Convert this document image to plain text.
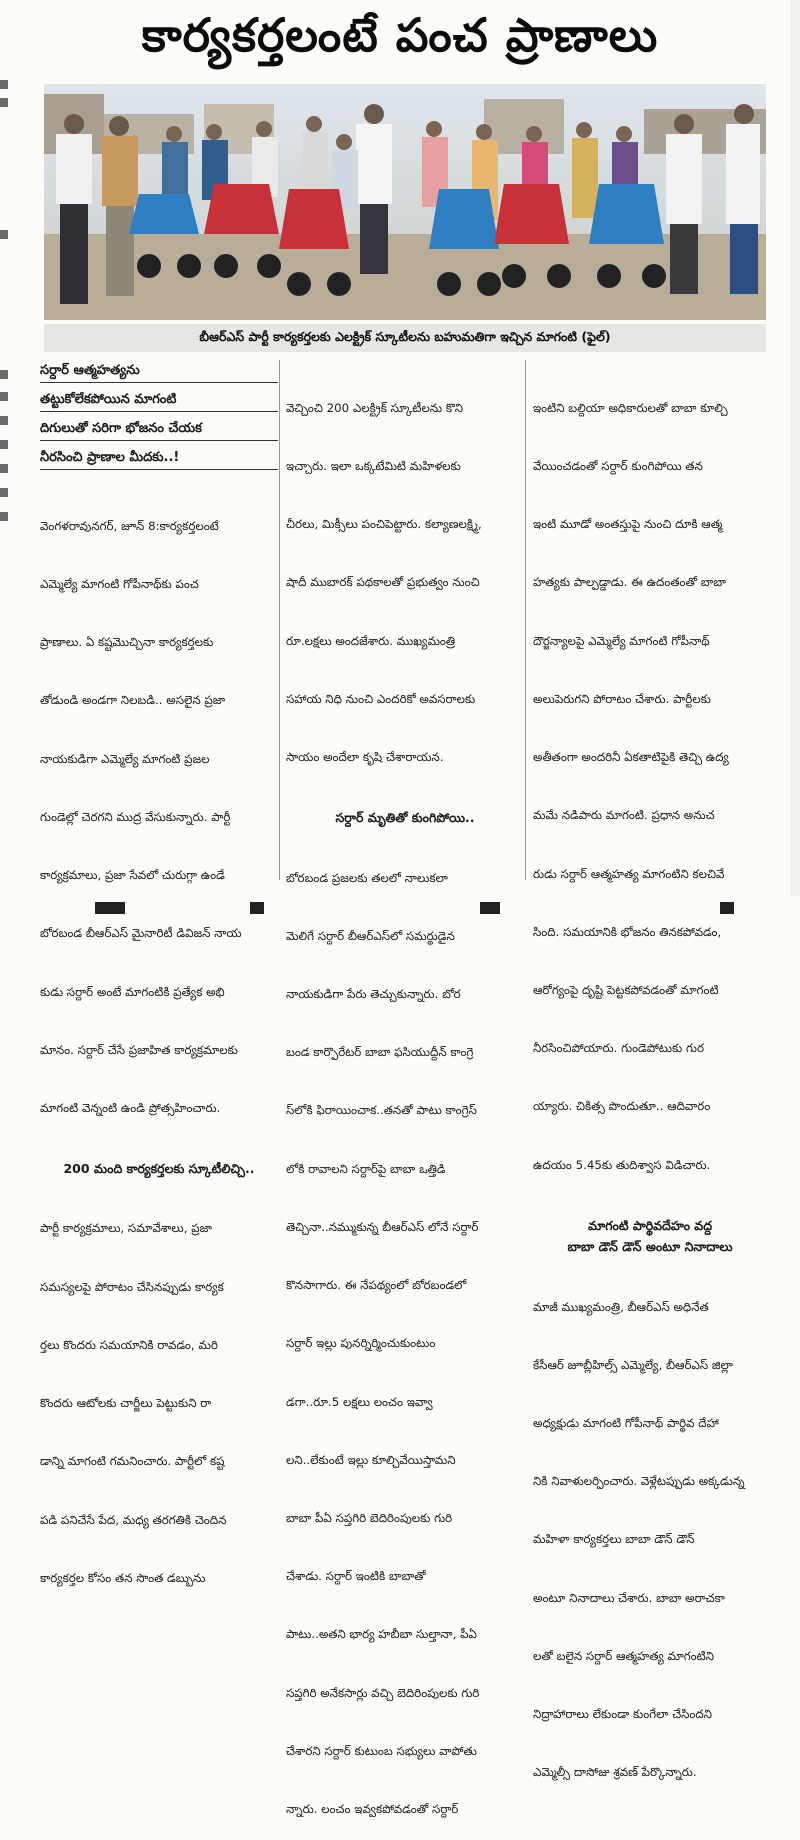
కార్యకర్తలంటే పంచ ప్రాణాలు
బీఆర్ఎస్ పార్టీ కార్యకర్తలకు ఎలక్ట్రిక్ స్కూటీలను బహుమతిగా ఇచ్చిన మాగంటి (ఫైల్)
సర్దార్ ఆత్మహత్యను
తట్టుకోలేకపోయిన మాగంటి
దిగులుతో సరిగా భోజనం చేయక
నీరసించి ప్రాణాల మీదకు..!

వెంగళరావునగర్, జూన్ 8:కార్యకర్తలంటే

ఎమ్మెల్యే మాగంటి గోపీనాథ్‌కు పంచ

ప్రాణాలు. ఏ కష్టమొచ్చినా కార్యకర్తలకు

తోడుండి అండగా నిలబడి.. అసలైన ప్రజా

నాయకుడిగా ఎమ్మెల్యే మాగంటి ప్రజల

గుండెల్లో చెరగని ముద్ర వేసుకున్నారు. పార్టీ

కార్యక్రమాలు, ప్రజా సేవలో చురుగ్గా ఉండే

బోరబండ బీఆర్ఎస్ మైనారిటీ డివిజన్ నాయ

కుడు సర్దార్ అంటే మాగంటికి ప్రత్యేక అభి

మానం. సర్దార్ చేసే ప్రజాహిత కార్యక్రమాలకు

మాగంటి వెన్నంటి ఉండి ప్రోత్సహించారు.

200 మంది కార్యకర్తలకు స్కూటీలిచ్చి..

పార్టీ కార్యక్రమాలు, సమావేశాలు, ప్రజా

సమస్యలపై పోరాటం చేసినప్పుడు కార్యక

ర్తలు కొందరు సమయానికి రావడం, మరి

కొందరు ఆటోలకు చార్జీలు పెట్టుకుని రా

డాన్ని మాగంటి గమనించారు. పార్టీలో కష్ట

పడి పనిచేసే పేద, మధ్య తరగతికి చెందిన

కార్యకర్తల కోసం తన సొంత డబ్బును

వెచ్చించి 200 ఎలక్ట్రిక్ స్కూటీలను కొని

ఇచ్చారు. ఇలా ఒక్కటేమిటి మహిళలకు

చీరలు, మిక్సీలు పంచిపెట్టారు. కల్యాణలక్ష్మి,

షాదీ ముబారక్ పథకాలతో ప్రభుత్వం నుంచి

రూ.లక్షలు అందజేశారు. ముఖ్యమంత్రి

సహాయ నిధి నుంచి ఎందరికో అవసరాలకు

సాయం అందేలా కృషి చేశారాయన.

సర్దార్ మృతితో కుంగిపోయి..

బోరబండ ప్రజలకు తలలో నాలుకలా

మెలిగే సర్దార్ బీఆర్ఎస్‌లో సమర్థుడైన

నాయకుడిగా పేరు తెచ్చుకున్నారు. బోర

బండ కార్పొరేటర్ బాబా ఫసియుద్దీన్ కాంగ్రె

స్‌లోకి ఫిరాయించాక..తనతో పాటు కాంగ్రెస్

లోకి రావాలని సర్దార్‌పై బాబా ఒత్తిడి

తెచ్చినా..నమ్ముకున్న బీఆర్ఎస్ లోనే సర్దార్

కొనసాగారు. ఈ నేపథ్యంలో బోరబండలో

సర్దార్ ఇల్లు పునర్నిర్మించుకుంటుం

డగా..రూ.5 లక్షలు లంచం ఇవ్వా

లని..లేకుంటే ఇల్లు కూల్చివేయిస్తామని

బాబా పీఏ సప్తగిరి బెదిరింపులకు గురి

చేశాడు. సర్దార్ ఇంటికి బాబాతో

పాటు..అతని భార్య హబీబా సుల్తానా, పీఏ

సప్తగిరి అనేకసార్లు వచ్చి బెదిరింపులకు గురి

చేశారని సర్దార్ కుటుంబ సభ్యులు వాపోతు

న్నారు. లంచం ఇవ్వకపోవడంతో సర్దార్

ఇంటిని బల్దియా అధికారులతో బాబా కూల్చి

వేయించడంతో సర్దార్ కుంగిపోయి తన

ఇంటి మూడో అంతస్తుపై నుంచి దూకి ఆత్మ

హత్యకు పాల్పడ్డాడు. ఈ ఉదంతంతో బాబా

దౌర్జన్యాలపై ఎమ్మెల్యే మాగంటి గోపీనాథ్

అలుపెరుగని పోరాటం చేశారు. పార్టీలకు

అతీతంగా అందరినీ ఏకతాటిపైకి తెచ్చి ఉద్య

మమే నడిపారు మాగంటి. ప్రధాన అనుచ

రుడు సర్దార్ ఆత్మహత్య మాగంటిని కలచివే

సింది. సమయానికి భోజనం తినకపోవడం,

ఆరోగ్యంపై దృష్టి పెట్టకపోవడంతో మాగంటి

నీరసించిపోయారు. గుండెపోటుకు గుర

య్యారు. చికిత్స పొందుతూ.. ఆదివారం

ఉదయం 5.45కు తుదిశ్వాస విడిచారు.

మాగంటి పార్థివదేహం వద్ద
బాబా డౌన్ డౌన్ అంటూ నినాదాలు

మాజీ ముఖ్యమంత్రి, బీఆర్ఎస్ అధినేత

కేసీఆర్ జూబ్లీహిల్స్ ఎమ్మెల్యే, బీఆర్ఎస్ జిల్లా

అధ్యక్షుడు మాగంటి గోపీనాథ్ పార్థివ దేహా

నికి నివాళులర్పించారు. వెళ్లేటప్పుడు అక్కడున్న

మహిళా కార్యకర్తలు బాబా డౌన్ డౌన్

అంటూ నినాదాలు చేశారు. బాబా అరాచకా

లతో బలైన సర్దార్ ఆత్మహత్య మాగంటిని

నిద్రాహారాలు లేకుండా కుంగేలా చేసిందని

ఎమ్మెల్సీ దాసోజు శ్రవణ్ పేర్కొన్నారు.
